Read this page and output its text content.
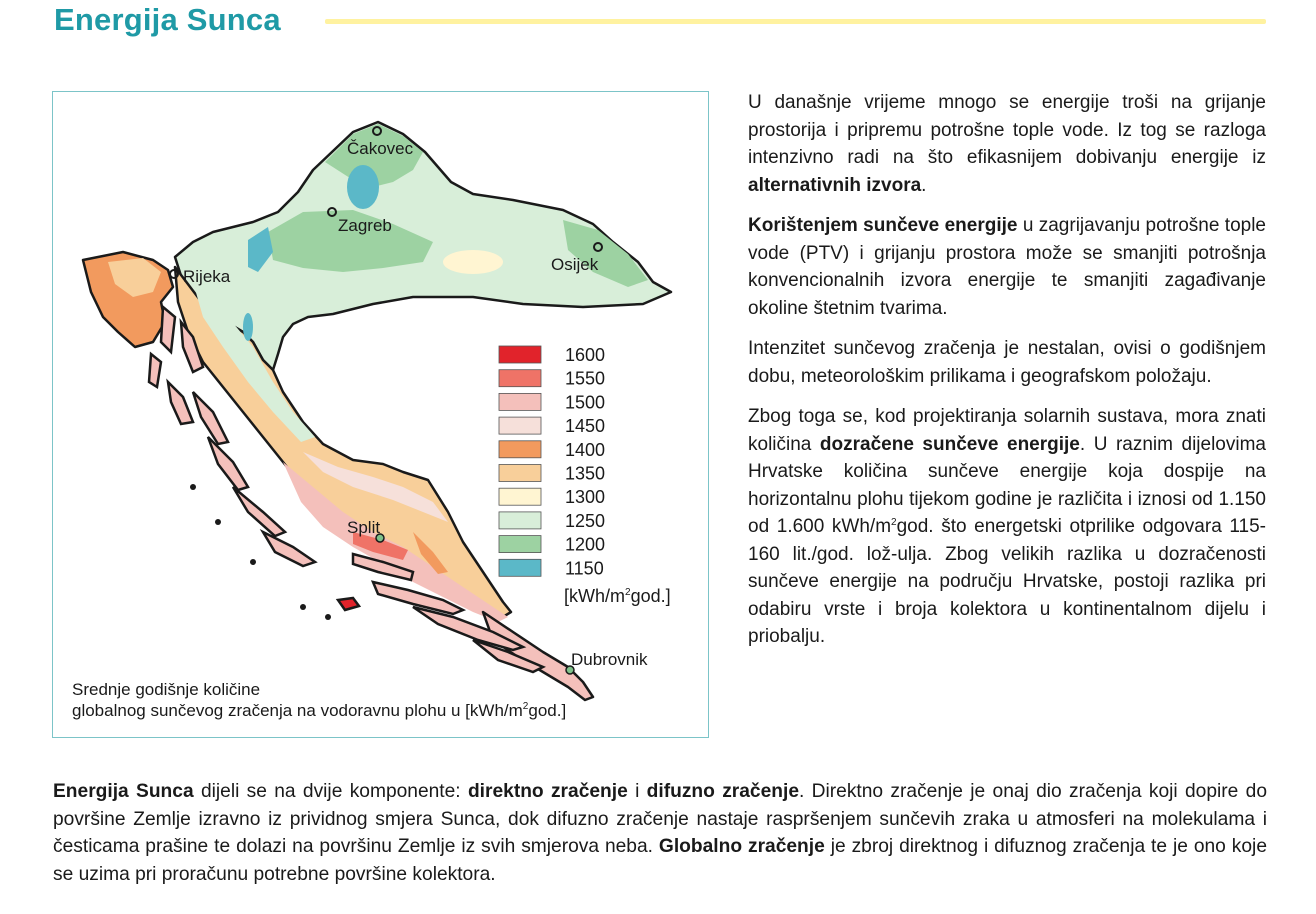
Energija Sunca
Čakovec
Zagreb
Osijek
Rijeka
Split
Dubrovnik
1600
1550
1500
1450
1400
1350
1300
1250
1200
1150
$[kWh/m^2god.]$
Srednje godišnje količine
globalnog sunčevog zračenja na vodoravnu plohu u $[kWh/m^2god.]$

U današnje vrijeme mnogo se energije troši na grijanje prostorija i pripremu potrošne tople vode. Iz tog se razloga intenzivno radi na što efikasnijem dobivanju energije iz alternativnih izvora.

Korištenjem sunčeve energije u zagrijavanju potrošne tople vode (PTV) i grijanju prostora može se smanjiti potrošnja konvencionalnih izvora energije te smanjiti zagađivanje okoline štetnim tvarima.

Intenzitet sunčevog zračenja je nestalan, ovisi o godišnjem dobu, meteorološkim prilikama i geografskom položaju.

Zbog toga se, kod projektiranja solarnih sustava, mora znati količina dozračene sunčeve energije. U raznim dijelovima Hrvatske količina sunčeve energije koja dospije na horizontalnu plohu tijekom godine je različita i iznosi od 1.150 od 1.600 kWh/$m^2god$. što energetski otprilike odgovara 115-160 lit./god. lož-ulja. Zbog velikih razlika u dozračenosti sunčeve energije na području Hrvatske, postoji razlika pri odabiru vrste i broja kolektora u kontinentalnom dijelu i priobalju.

Energija Sunca dijeli se na dvije komponente: direktno zračenje i difuzno zračenje. Direktno zračenje je onaj dio zračenja koji dopire do površine Zemlje izravno iz prividnog smjera Sunca, dok difuzno zračenje nastaje raspršenjem sunčevih zraka u atmosferi na molekulama i česticama prašine te dolazi na površinu Zemlje iz svih smjerova neba. Globalno zračenje je zbroj direktnog i difuznog zračenja te je ono koje se uzima pri proračunu potrebne površine kolektora.
